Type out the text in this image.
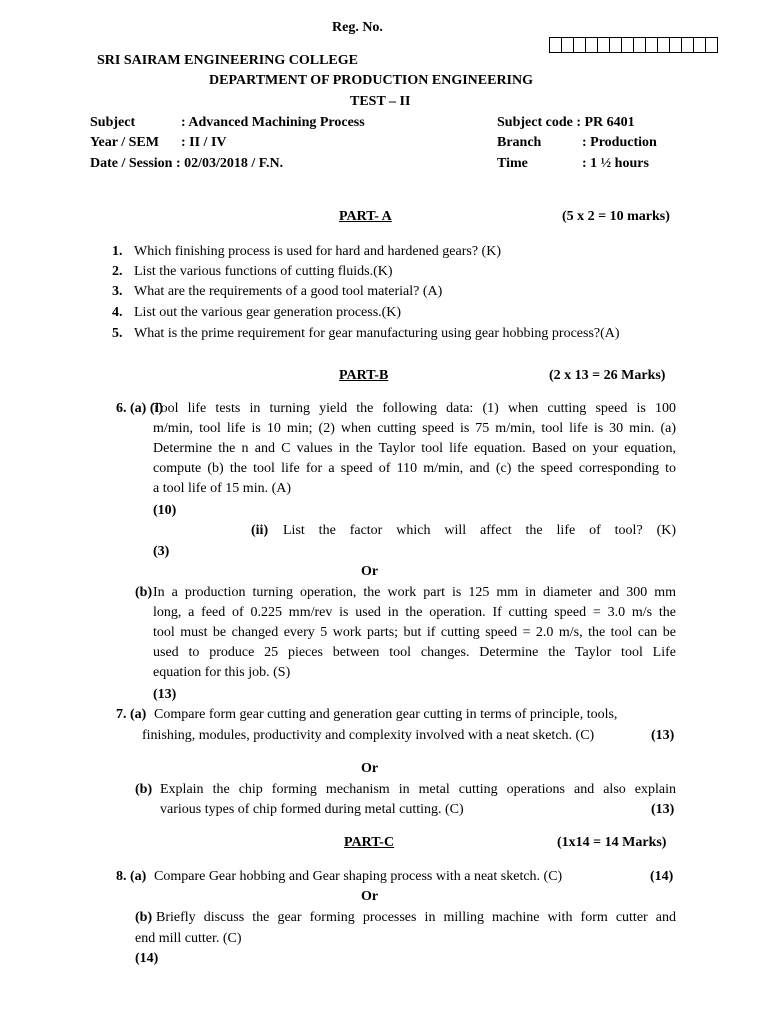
Reg. No.
SRI SAIRAM ENGINEERING COLLEGE
DEPARTMENT OF PRODUCTION ENGINEERING
TEST – II
Subject	: Advanced Machining Process
Year / SEM : II / IV
Date / Session : 02/03/2018 / F.N.
Subject code : PR 6401
Branch	: Production
Time	: 1 ½ hours
PART- A	(5 x 2 = 10 marks)
1. Which finishing process is used for hard and hardened gears? (K)
2. List the various functions of cutting fluids.(K)
3. What are the requirements of a good tool material? (A)
4. List out the various gear generation process.(K)
5. What is the prime requirement for gear manufacturing using gear hobbing process?(A)
PART-B	(2 x 13 = 26 Marks)
6. (a) (i)
Tool life tests in turning yield the following data: (1) when cutting speed is 100
m/min, tool life is 10 min; (2) when cutting speed is 75 m/min, tool life is 30 min. (a)
Determine the n and C values in the Taylor tool life equation. Based on your equation,
compute (b) the tool life for a speed of 110 m/min, and (c) the speed corresponding to
a tool life of 15 min. (A)
(10)
(ii) List the factor which will affect the life of tool? (K)
(3)
Or
(b) In a production turning operation, the work part is 125 mm in diameter and 300 mm
long, a feed of 0.225 mm/rev is used in the operation. If cutting speed = 3.0 m/s the
tool must be changed every 5 work parts; but if cutting speed = 2.0 m/s, the tool can be
used to produce 25 pieces between tool changes. Determine the Taylor tool Life
equation for this job. (S)
(13)
7. (a) Compare form gear cutting and generation gear cutting in terms of principle, tools,
finishing, modules, productivity and complexity involved with a neat sketch. (C)	(13)
Or
(b) Explain the chip forming mechanism in metal cutting operations and also explain
various types of chip formed during metal cutting. (C)	(13)
PART-C	(1x14 = 14 Marks)
8. (a) Compare Gear hobbing and Gear shaping process with a neat sketch. (C)	(14)
Or
(b) Briefly discuss the gear forming processes in milling machine with form cutter and
end mill cutter. (C)
(14)
